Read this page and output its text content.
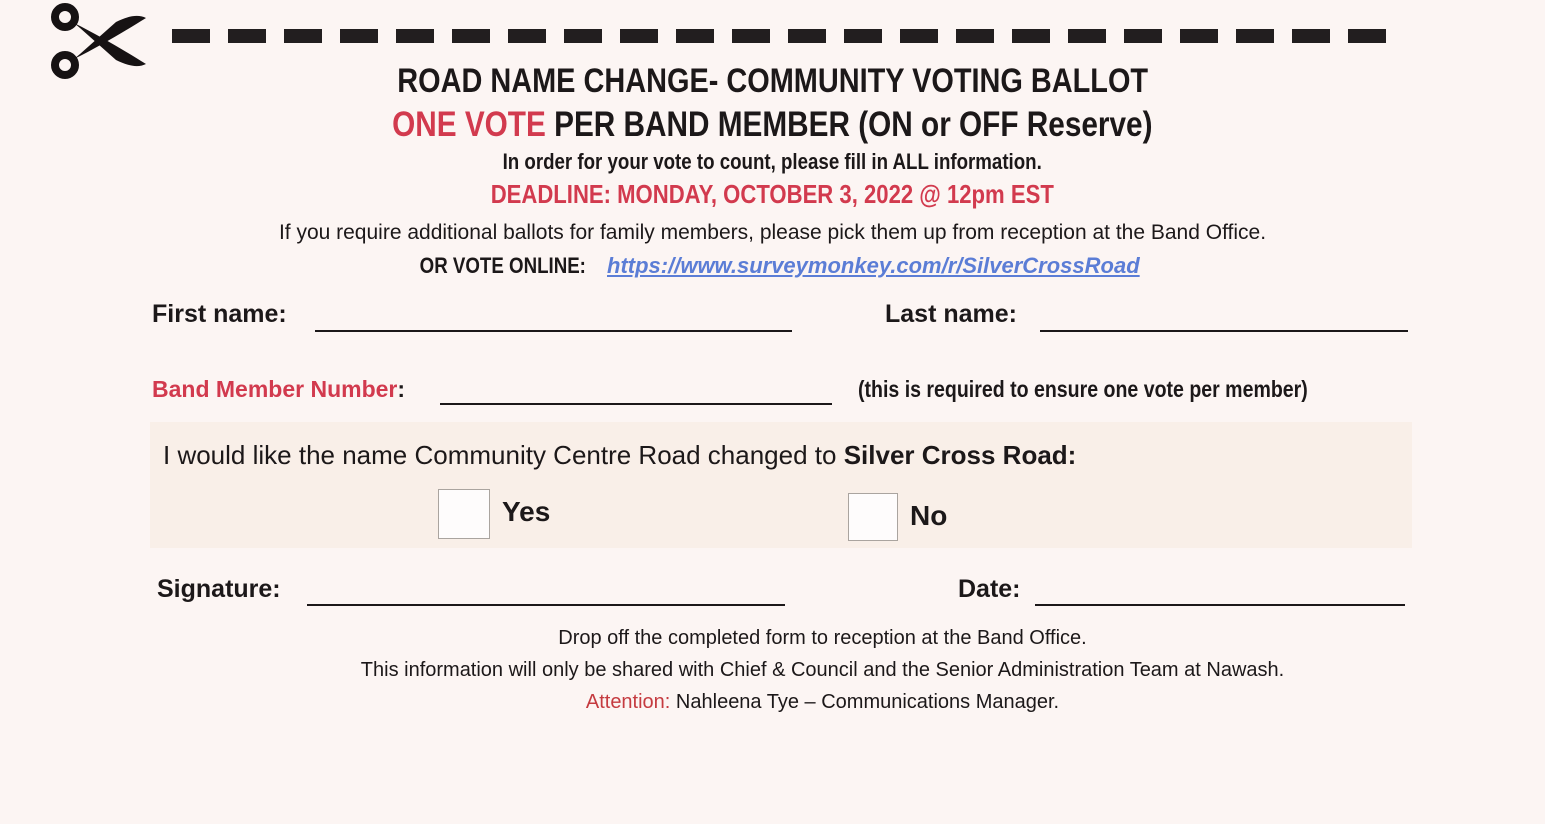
ROAD NAME CHANGE- COMMUNITY VOTING BALLOT
ONE VOTE PER BAND MEMBER (ON or OFF Reserve)
In order for your vote to count, please fill in ALL information.
DEADLINE: MONDAY, OCTOBER 3, 2022 @ 12pm EST
If you require additional ballots for family members, please pick them up from reception at the Band Office.
OR VOTE ONLINE: https://www.surveymonkey.com/r/SilverCrossRoad
First name:	Last name:
Band Member Number:	(this is required to ensure one vote per member)
I would like the name Community Centre Road changed to Silver Cross Road:
Yes	No
Signature:	Date:
Drop off the completed form to reception at the Band Office.
This information will only be shared with Chief & Council and the Senior Administration Team at Nawash.
Attention: Nahleena Tye – Communications Manager.
